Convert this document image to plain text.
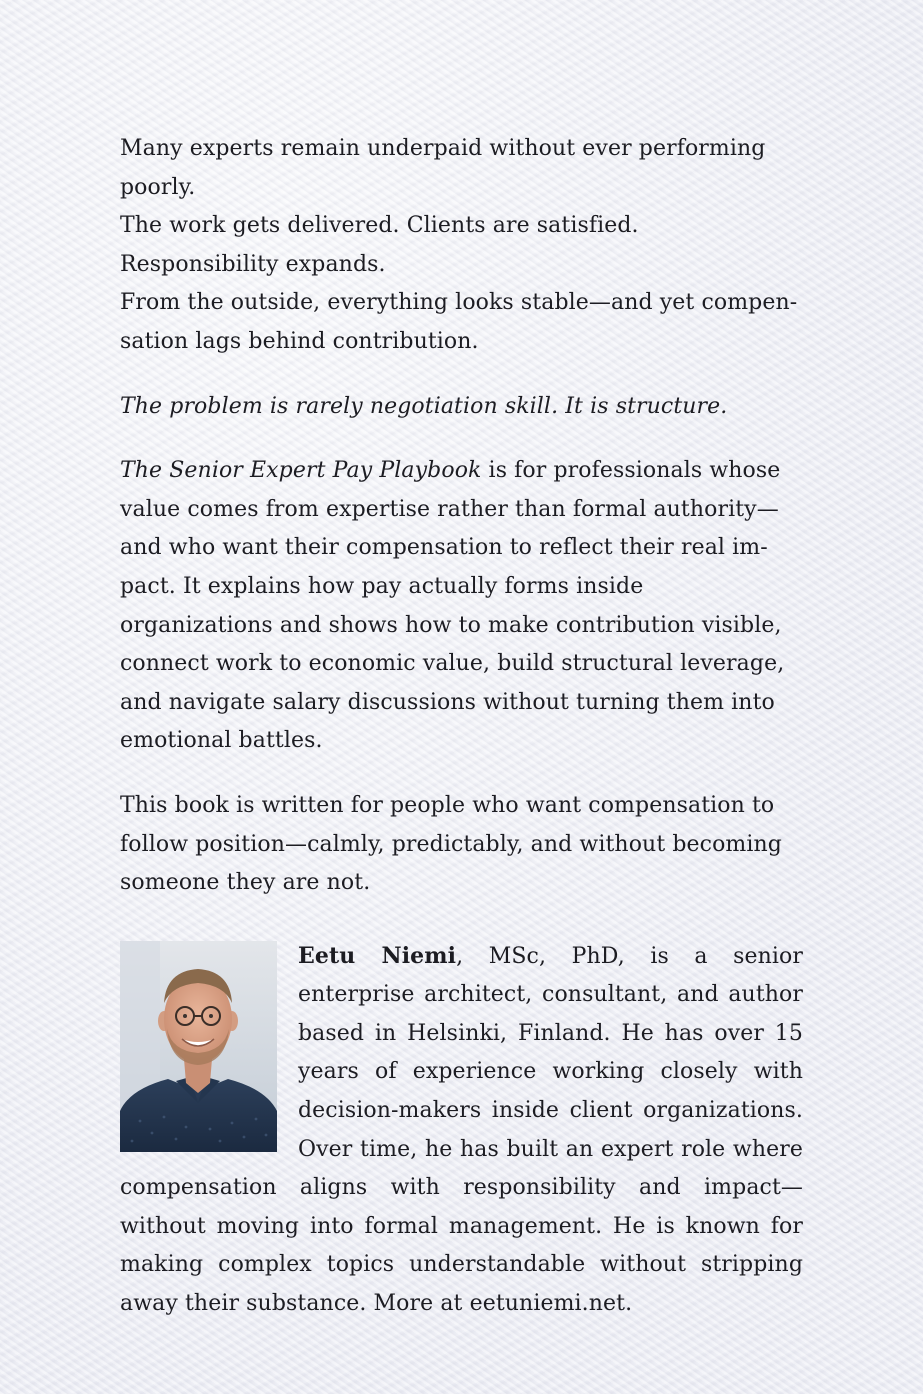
Many experts remain underpaid without ever performing poorly.
The work gets delivered. Clients are satisfied. Responsibility expands.
From the outside, everything looks stable—and yet compensation lags behind contribution.

The problem is rarely negotiation skill. It is structure.

The Senior Expert Pay Playbook is for professionals whose value comes from expertise rather than formal authority—and who want their compensation to reflect their real impact. It explains how pay actually forms inside organizations and shows how to make contribution visible, connect work to economic value, build structural leverage, and navigate salary discussions without turning them into emotional battles.

This book is written for people who want compensation to follow position—calmly, predictably, and without becoming someone they are not.

Eetu Niemi, MSc, PhD, is a senior enterprise architect, consultant, and author based in Helsinki, Finland. He has over 15 years of experience working closely with decision-makers inside client organizations. Over time, he has built an expert role where compensation aligns with responsibility and impact—without moving into formal management. He is known for making complex topics understandable without stripping away their substance. More at eetuniemi.net.
